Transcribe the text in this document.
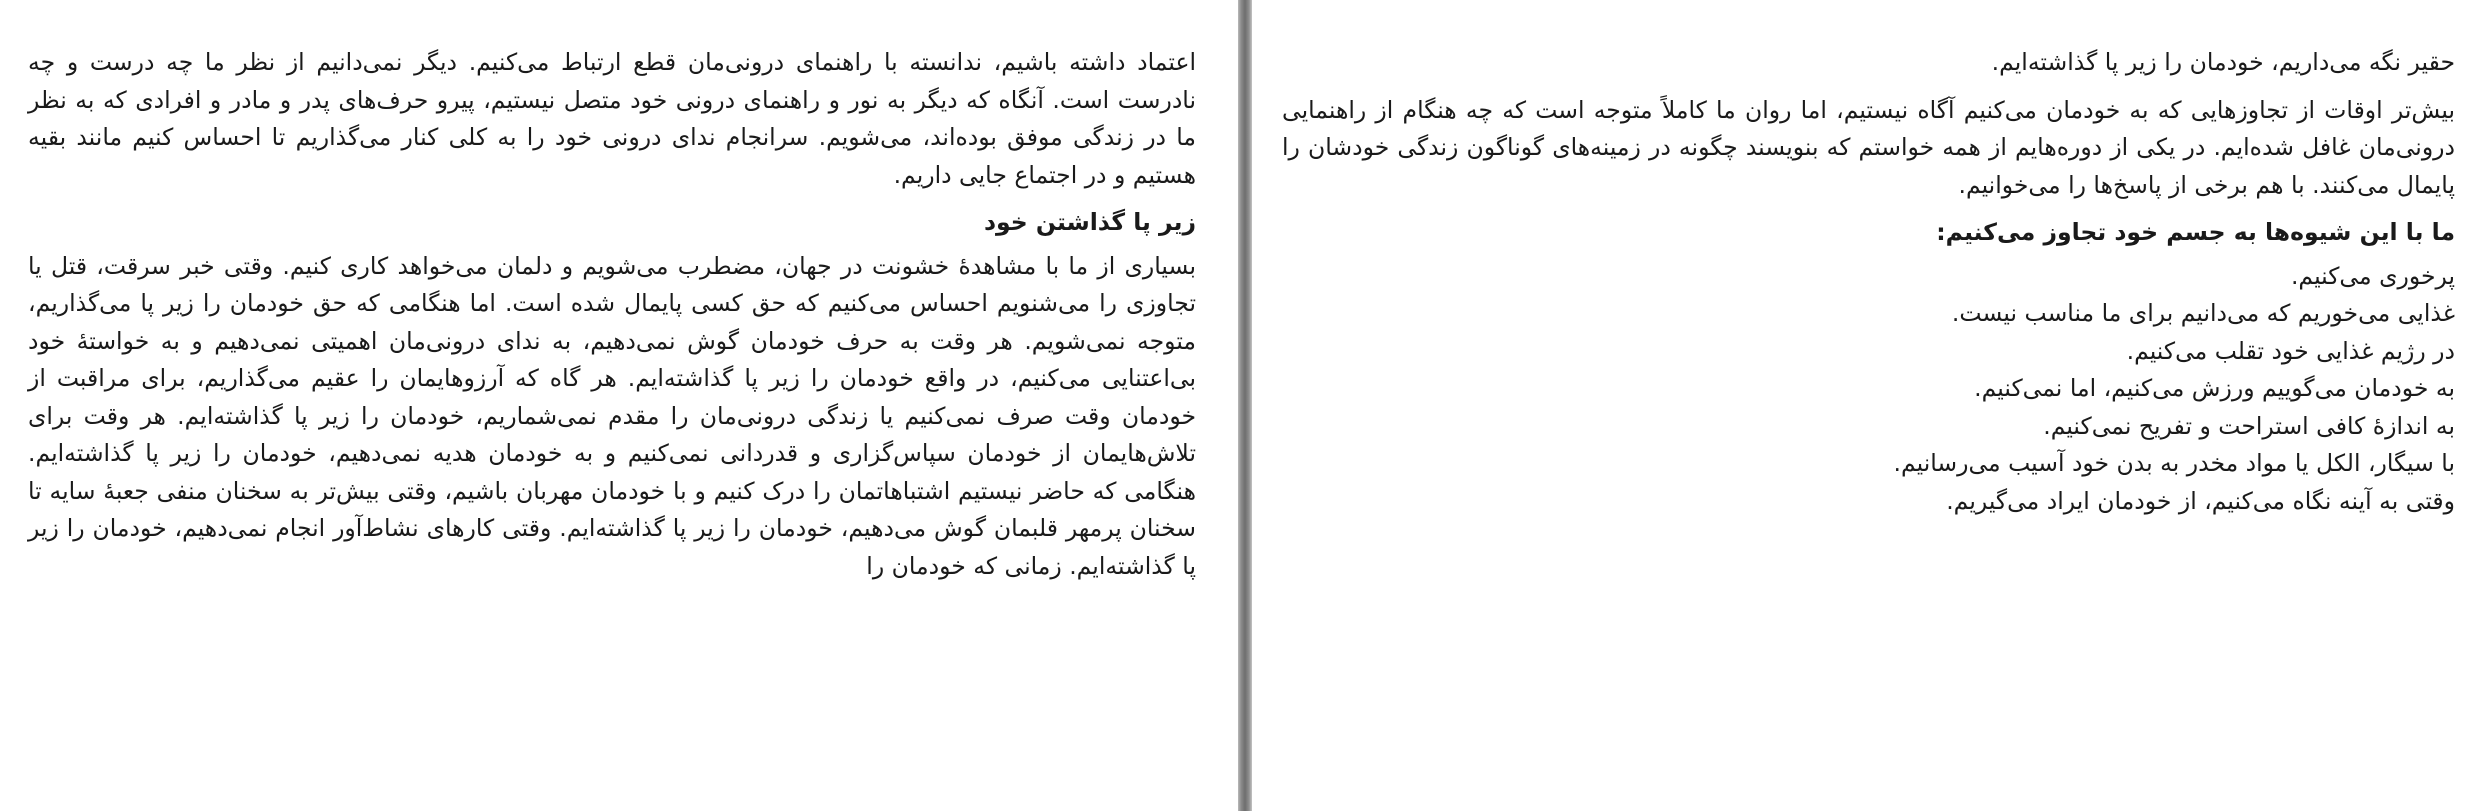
اعتماد داشته باشیم، ندانسته با راهنمای درونی‌مان قطع ارتباط می‌کنیم. دیگر نمی‌دانیم از نظر ما چه درست و چه نادرست است. آنگاه که دیگر به نور و راهنمای درونی خود متصل نیستیم، پیرو حرف‌های پدر و مادر و افرادی که به نظر ما در زندگی موفق بوده‌اند، می‌شویم. سرانجام ندای درونی خود را به کلی کنار می‌گذاریم تا احساس کنیم مانند بقیه هستیم و در اجتماع جایی داریم.

زیر پا گذاشتن خود

بسیاری از ما با مشاهدهٔ خشونت در جهان، مضطرب می‌شویم و دلمان می‌خواهد کاری کنیم. وقتی خبر سرقت، قتل یا تجاوزی را می‌شنویم احساس می‌کنیم که حق کسی پایمال شده است. اما هنگامی که حق خودمان را زیر پا می‌گذاریم، متوجه نمی‌شویم. هر وقت به حرف خودمان گوش نمی‌دهیم، به ندای درونی‌مان اهمیتی نمی‌دهیم و به خواستهٔ خود بی‌اعتنایی می‌کنیم، در واقع خودمان را زیر پا گذاشته‌ایم. هر گاه که آرزوهایمان را عقیم می‌گذاریم، برای مراقبت از خودمان وقت صرف نمی‌کنیم یا زندگی درونی‌مان را مقدم نمی‌شماریم، خودمان را زیر پا گذاشته‌ایم. هر وقت برای تلاش‌هایمان از خودمان سپاس‌گزاری و قدردانی نمی‌کنیم و به خودمان هدیه نمی‌دهیم، خودمان را زیر پا گذاشته‌ایم. هنگامی که حاضر نیستیم اشتباهاتمان را درک کنیم و با خودمان مهربان باشیم، وقتی بیش‌تر به سخنان منفی جعبهٔ سایه تا سخنان پرمهر قلبمان گوش می‌دهیم، خودمان را زیر پا گذاشته‌ایم. وقتی کارهای نشاط‌آور انجام نمی‌دهیم، خودمان را زیر پا گذاشته‌ایم. زمانی که خودمان را

حقیر نگه می‌داریم، خودمان را زیر پا گذاشته‌ایم.

بیش‌تر اوقات از تجاوزهایی که به خودمان می‌کنیم آگاه نیستیم، اما روان ما کاملاً متوجه است که چه هنگام از راهنمایی درونی‌مان غافل شده‌ایم. در یکی از دوره‌هایم از همه خواستم که بنویسند چگونه در زمینه‌های گوناگون زندگی خودشان را پایمال می‌کنند. با هم برخی از پاسخ‌ها را می‌خوانیم.

ما با این شیوه‌ها به جسم خود تجاوز می‌کنیم:
پرخوری می‌کنیم.
غذایی می‌خوریم که می‌دانیم برای ما مناسب نیست.
در رژیم غذایی خود تقلب می‌کنیم.
به خودمان می‌گوییم ورزش می‌کنیم، اما نمی‌کنیم.
به اندازهٔ کافی استراحت و تفریح نمی‌کنیم.
با سیگار، الکل یا مواد مخدر به بدن خود آسیب می‌رسانیم.
وقتی به آینه نگاه می‌کنیم، از خودمان ایراد می‌گیریم.
